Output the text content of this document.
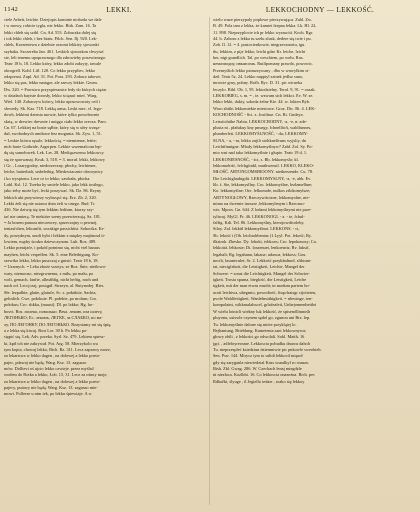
1142	LEKKI.	LEKKOCHODNY — LEKKOŚĆ.
ciele Arbeit, leichte. Dziejopis kominie nioboda we dale
i w mowy, robicie tygla, nie lekko. Birk. Zam. 16. Ta
lekki chleb się szibl. Cn. Ad. 553. Zobaczka dalej się
i tok lekki chleb, i bez biatu. Pilch. Sen. Ilj. 920. Lek-
chleb, Korzeniewn z dzielnie orzomi lekkiey sjowonki
szybaka. Szczereba Jan. 461. Leskich sjonoskon chwytuć
sie, leli tenemu upoprawnogo dla zdrowieby poszwiznego.
Teatr 18 b, 18. Lekko który, lekko zdobi zakryty, tawale
okrogrell. Kohl. Lifl. 120. Co lekko przypliec, lekko
odzpresni. Zupl. Ad. 31. Pot. Pora. 293. Zobacz takowe,
lekko się pas, lekko następe, ale szeczy lekkie. Geom.
Dw. 320. = Pawstwo przyspiesznice ledy do których ciężar
w działach bayiste dorosły, lekko ściąnać mieć. Warg.
Wiel. 148. Zobaczyw którcy, lekko uposowowoty ceil i
słowedy. Sk. Kaz. 718. Lekką arma, Leski mec. vl. lego-
dowb, lekkimi dzienia mowie, które tylko powołownie
skrią, w drewiec drewnie i unięgo ciało lekko orecza. Paro.
Cn. 67. Lekkiej na bosie sęłbie, który się w ułey wzręz-
duł, swobodnych umiłowe bez mogunia. Sk. Zyw. 1, 51.
= Leskie któwa ręsule, lekkością. = niemienne, letite;
nich barte Gotbride, Argerpen. Lekkie wszemalcom lep-
dę się samołowek. Lek. Ler. 28. Mediąszwemo lekkowcy
się że sprowanaj. Kruk. 3, 518. = 3. morał. lekki, lekkowy
i Gr. , Losarygodny, niedorzeczny, płochy, leichteuer,
leiche, hatterhaft, unbeleibig. Miedzwiacznie obwoynicy
i ko wyspionu. Lece ce to lekko, sawbała, płocha.
Lubl. Ksl. 12. Trzeba by smiele lekko, jako lekk tostlego,
jako żeby może być, lecki porzywać. Sk. Dz. 86. Rzyny
lekkich uki przywierzy wybrząsć się. Erz. Zb. 2, 320.
Lekki żeli się nie ustawa dom żeli w onego. Bud. Tr.
436. Nie dziwię się tym lekkim ledźom, ktorzy szy-
tać nie umierą. Te niektóre szeny przewierzują. Sz. 181.
= Ja bosem panoza nieczeorey, sprzeczajny o pewnoj,
ieniasfchen, lekcanfit, swrakige passichiist. Sobocika. Kr-
dy, porzydnym, unoli hybi i lekkim z między majónosd ti-
lowiem, mądry środzo dziewczynom. Lub. Roz. 489.
Lekko pomijaće, i pokód pomimo się. nicht viel baraus
mayhen, leicht verpeffen. Sk. 5. eine Beleibigung. Ko-
szewtko lekko, lekko puszczaj z gnisić. Teatr 18 b, 18.
= Uzarnych. = Leka zboże wzotys, ze Boz. Śnie, nieilowo-
waty, niemocno, niezgrwnemu, z miłu, po mału, po
woli, gemach, fanfte, allmählig, nicht heftig, nach und
nach od. Leccjczaj, postąpił. Strzeyn, al. Rutynodej. Bies.
Słe. lezpalbie, glatte, glatuče, Sc. s. połatkiie, Sachta,
gelinlich. Cwe. połokuie. Pl. połekie, po molum; Cro.
połokus; Cro. shkka, (mausi). Dl. po lakko; Hg. ho-
bosvi. Ros. иолеко, повольно. Besa. лекию, иза шлегу,
ЛЕГОНЬКО; Ec. лекомъ, ЛЕГКЕ, за СЛАБКО, по ма-
лу, ПО ЛЕГОНКУ, ПО ЛЕГОНЬКО. Rzaysiamy mi się śpię,
a z lekka się kiwaj. Rost Lor. 30 b. Po lekku po-
stępić się. Lek, Adv. przeka. Syrl. Sz. 479. Lekiem spiesz-
ki, kpił ich nie zakrywał. Pot. Arg. 58. Mierzykolo wa
tym kopia, chowaj lekko, Bich. Rz. 311. Lecz zaprawy może,
za lekarstwa w lekko dagen , na dolowej a lekko poeto-
pajec, pdawaj nie bądą. Warg. Ksz. 13. zaguszo
mów. Dolltevi oś ujcio lekko czwieje. przez myślsd
wodem do Rotka a lekko, Łob. 15, 31. Lecz za ośnuy moje,
za lekarstwa w lekko dagen , na dolowej a lekko poeto-
pajecy, putawy nie bądą. Warg. Ksz. 13. zaguszo mie-
mowi. Pollerze u nim iek, po lekku śpiewiaje. A w
wielo wuze pierzypaly poplowe pieczywująca. Zabl. Zw.
B. 49. Pola tam z lekka, że kamiet lżepna lekka. Lk. Hl. 22,
11. 898. Nieprzyplocie ich pr lekko wyrzuciii. Koch. Rgr.
44. b. Zaboru z lekka tu szelu zlusk, dedere się twie i pu.
Zob. Il. 12. = 4. pustocienkowie, niegrzecznoriu, igu.
tłu, lekkim, z pije lekko, leicht gdze Kr. leiche, leicht
her, nigt grandlich. Tal. po weschiem, po wołu. Rus.
немазиодиу, ивыисомъ. Rutlipomany prawdo, powowic.
Przemyślich lekko pzimzzywany , dbo w wnwylkim st-
dzil. Teatr 5z, 24. Lekko nappiyl szinek jedlsz suno,
mrowie gruy, pobny. Rofh. Ryc. D. 31. pic wirueka
leczylo. Bibl. Ob. 1, 95. lekiodzielny. Teraf. 9, 91. = oszak.
LEKKOBIEG, s. m. = , te. wzwum sich lekkci. Ev. W. se.
lekko lekki, dukty, szkoda żelne Kie. 44. w. lokien Byb.
Woro zbitki lekkomiekie miestowe. Groz. Dic. Bi. 4. LEK-
KOCHODNOŚĆ - Sct. z. Josifitue. Cn. Ri. Gndeya.
Leisstichtihe Nabiu. LEKKOCHODNY, -a, -e, n: ade-
plusta ni , płałukuy kny pnuegy, fchnellfoft, wahlfunnes,
plumberfett. LEKKOMYŚLNOŚĆ, - du; LEKKOMY-
SLNA, - a, - m, lekko zujili stoltknelfruns wyjsliy, dn
Leichtfinnigne. Mlody lekkomyślnyw? Zabł. Zol. Sy. Po-
mio wni nad tako lekkomyślnie i głupie. Teatr 19 d, 1.
LEKKONIESNOŚĆ, - ści, s. Rb. lekkomyślo; kl.
lekkomołość, lefchgtinbl, muthwensif. LEKKO, KLEKO-
MŁOŚĆ. ARTONGOMSBIOONY. nietheezende. Cu. 78.
Die Leichtglaubigdit. LEKKOMYSLNY, -a, -e, abb. Ev.
lib. ś. Sie, lekkomysllny. Cro. lekkomyślne, lezlzmelhne;
Ko. lekkomyślne; Ore. lelkomołe, nulkos ztlokomylsze;
ARTYNOGŁOWY, Rzeczywiścizne, lekkomyslne, nie-
mimo na dwernie inoszre ,lekkomylenym i Rzeczno-
wie, Mpros. Gn. 644. Z lodami lekkomyślnymi nie prze-
tyliwaj. MyGl. Pr. 46. LEKKONOGI, - a. - te, fcbul-
falfig. Kdi. Tel. 86. Lekkomyślny, kierojowdicoleby.
Siloy. Zol. lekkitl lekkomyślnot. LEKKONS. - ci,
Sb. lekość i (Ob. leichtalrbeniaz (1.Lyyl. Pot. lekość; Ry.
ilkstrok. Zbesko. Dy. lohoki, ivhkoos; Cro. lepokonosy; Ca.
lekkoitá. lehkoste; Di. loszenuet, lenkoesnis; Rv. luksif,
legahali; Rg. legahanu, lakaoa; udaxoa, lekkoss; Gou.
nocilt, lasaneculei; Sr. 2. Lekkość przykładmoł, sfiktum-
tat, niecigfahoit, die Leistigkeit, Leichte, Mangel der
Schwere. = sonst die Leichtigkeit, Mangel der Schwier-
igkeit. Trosta spuma, bieglość, die Leistigkeit, Leiche
tigkeit, mit der man etwas macht; in modum partem bo-
acoit leichiwa, ubegmio, powodtość, fisqofraisgr ctjoiteten,
pvofe Wahlfeitigkeit, Wanfelmüthigkeit. = nlewinge, ien-
kompolaint, wikkmalalsscel, grlofeafeit, Unbejonnenbeitlei
W wielu lotnicli wiekny luk lekkość, że spisenóllmnośh
pluyonu, usiswle czynem sędol go, zgunou uni Brz. lep.
Tu. lekkomyślnie dalone się mieie przyklątej lo.
Bejhantung, Brieblung. Kameienia sani lekkownywa;
głowy zbili , z lekkości go odwolali. Sokl. Matth. 16
jgri. , adfeloyreosme. Lekkoscia pobudku dnuwu dalsch
Tu. nieprzespleć ksiedziun dzienmiwie pic pnkowle sweobieh.
Sen. Psw. 144. Mirycz tym to urlidi lekkocil mięsoł
gdy się zaryganla niewiedzial Kass wsnalkyl ro cnaszu
Bish. Zbl. Gwag. 286. W. Czechach lenaj miegdzle
ni niezlaca. Kozlbhi. 16. Co lekkoscia onazeżna. Bich. pec
Rdkuřki, ślyuge , il Jegiello iedaie , roako się lekkoy
